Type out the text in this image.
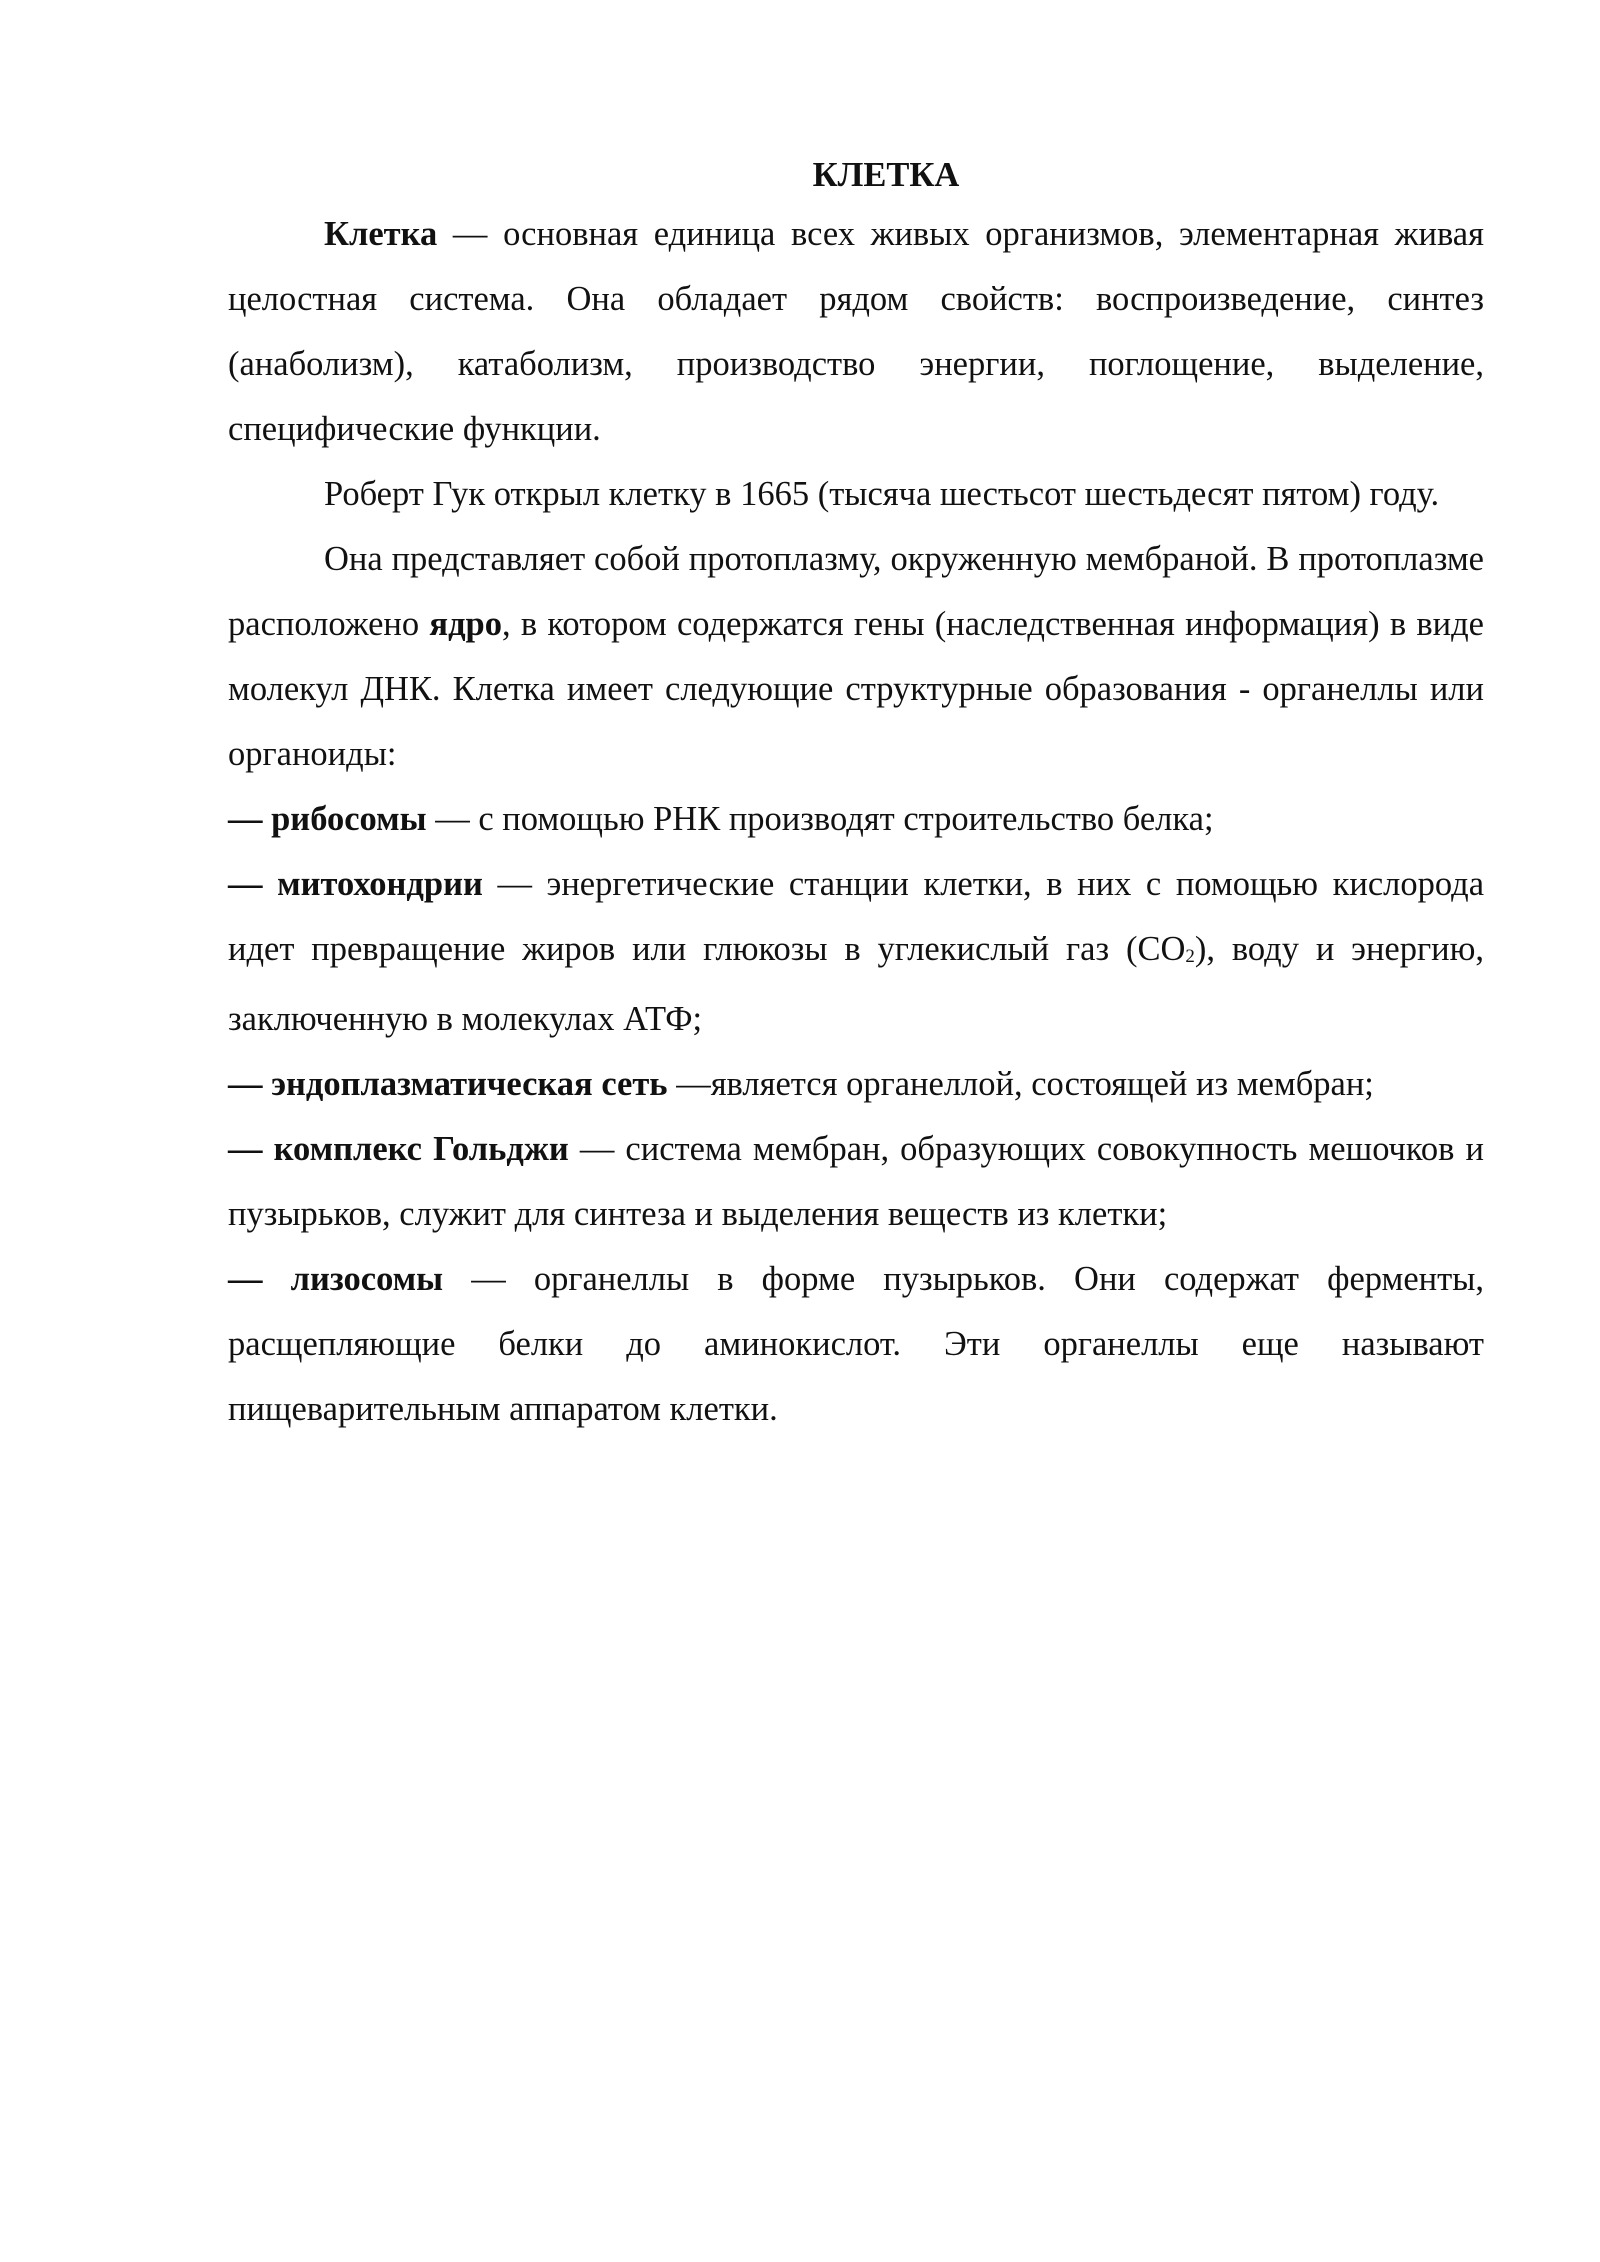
КЛЕТКА

Клетка — основная единица всех живых организмов, элементарная живая целостная система. Она обладает рядом свойств: воспроизведение, синтез (анаболизм), катаболизм, производство энергии, поглощение, выделение, специфические функции.

Роберт Гук открыл клетку в 1665 (тысяча шестьсот шестьдесят пятом) году.

Она представляет собой протоплазму, окруженную мембраной. В протоплазме расположено ядро, в котором содержатся гены (наследственная информация) в виде молекул ДНК. Клетка имеет следующие структурные образования - органеллы или органоиды:

— рибосомы — с помощью РНК производят строительство белка;

— митохондрии — энергетические станции клетки, в них с помощью кислорода идет превращение жиров или глюкозы в углекислый газ $(CO_2)$, воду и энергию, заключенную в молекулах АТФ;

— эндоплазматическая сеть —является органеллой, состоящей из мембран;

— комплекс Гольджи — система мембран, образующих совокупность мешочков и пузырьков, служит для синтеза и выделения веществ из клетки;

— лизосомы — органеллы в форме пузырьков. Они содержат ферменты, расщепляющие белки до аминокислот. Эти органеллы еще называют пищеварительным аппаратом клетки.
